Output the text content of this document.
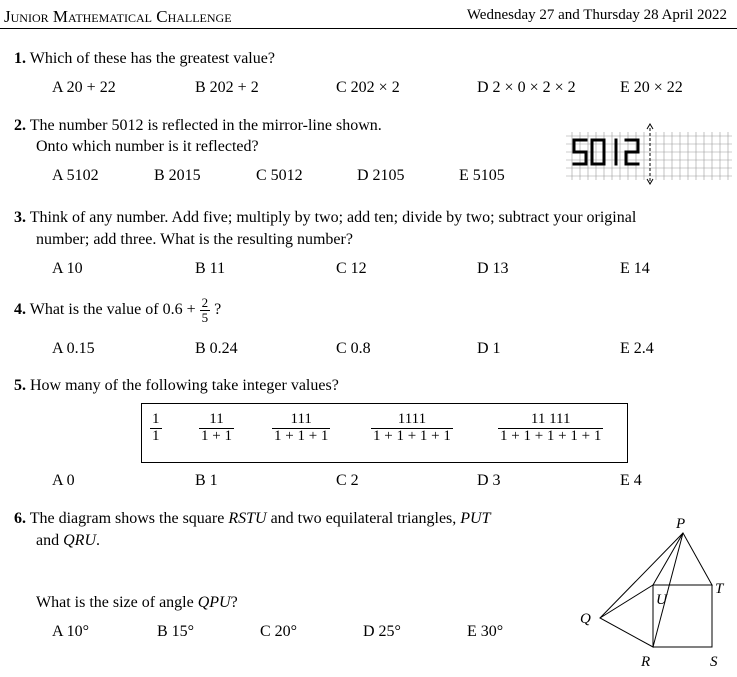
Junior Mathematical Challenge	Wednesday 27 and Thursday 28 April 2022
1. Which of these has the greatest value?
A 20 + 22	B 202 + 2	C 202 × 2	D 2 × 0 × 2 × 2	E 20 × 22
2. The number 5012 is reflected in the mirror-line shown.
Onto which number is it reflected?
A 5102	B 2015	C 5012	D 2105	E 5105
3. Think of any number. Add five; multiply by two; add ten; divide by two; subtract your original
number; add three. What is the resulting number?
A 10	B 11	C 12	D 13	E 14
4. What is the value of $0.6 + \frac{2}{5}$ ?
A 0.15	B 0.24	C 0.8	D 1	E 2.4
5. How many of the following take integer values?
$\frac{1}{1}$	$\frac{11}{1 + 1}$	$\frac{111}{1 + 1 + 1}$	$\frac{1111}{1 + 1 + 1 + 1}$	$\frac{11 111}{1 + 1 + 1 + 1 + 1}$
A 0	B 1	C 2	D 3	E 4
6. The diagram shows the square RSTU and two equilateral triangles, PUT
and QRU.
What is the size of angle QPU?
A 10°	B 15°	C 20°	D 25°	E 30°
P
Q
R	S
T
U
